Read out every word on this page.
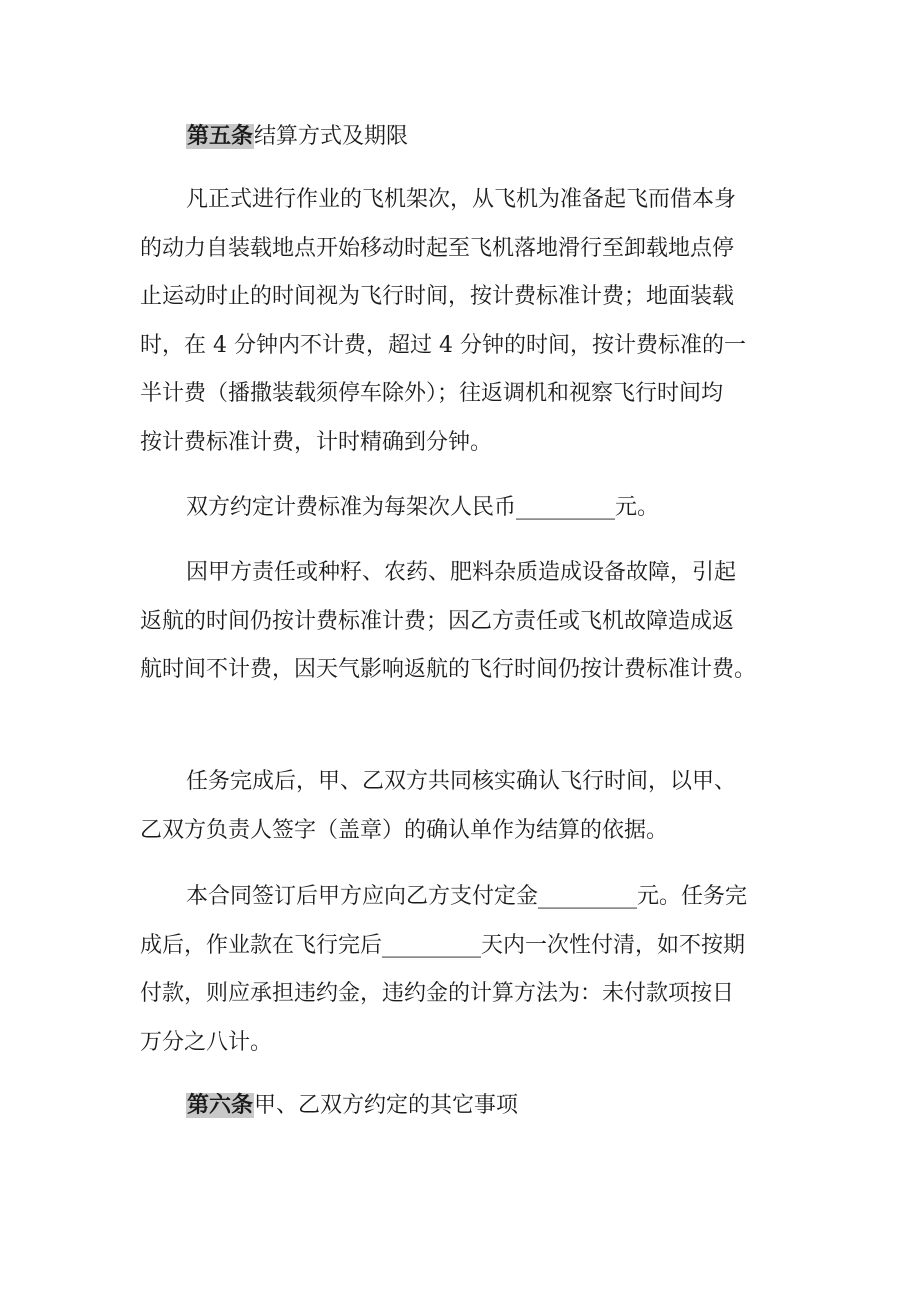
第五条结算方式及期限

凡正式进行作业的飞机架次，从飞机为准备起飞而借本身
的动力自装载地点开始移动时起至飞机落地滑行至卸载地点停
止运动时止的时间视为飞行时间，按计费标准计费；地面装载
时，在 4 分钟内不计费，超过 4 分钟的时间，按计费标准的一
半计费（播撒装载须停车除外）；往返调机和视察飞行时间均
按计费标准计费，计时精确到分钟。

双方约定计费标准为每架次人民币_________元。

因甲方责任或种籽、农药、肥料杂质造成设备故障，引起
返航的时间仍按计费标准计费；因乙方责任或飞机故障造成返
航时间不计费，因天气影响返航的飞行时间仍按计费标准计费。

任务完成后，甲、乙双方共同核实确认飞行时间，以甲、
乙双方负责人签字（盖章）的确认单作为结算的依据。

本合同签订后甲方应向乙方支付定金_________元。任务完
成后，作业款在飞行完后_________天内一次性付清，如不按期
付款，则应承担违约金，违约金的计算方法为：未付款项按日
万分之八计。

第六条甲、乙双方约定的其它事项
